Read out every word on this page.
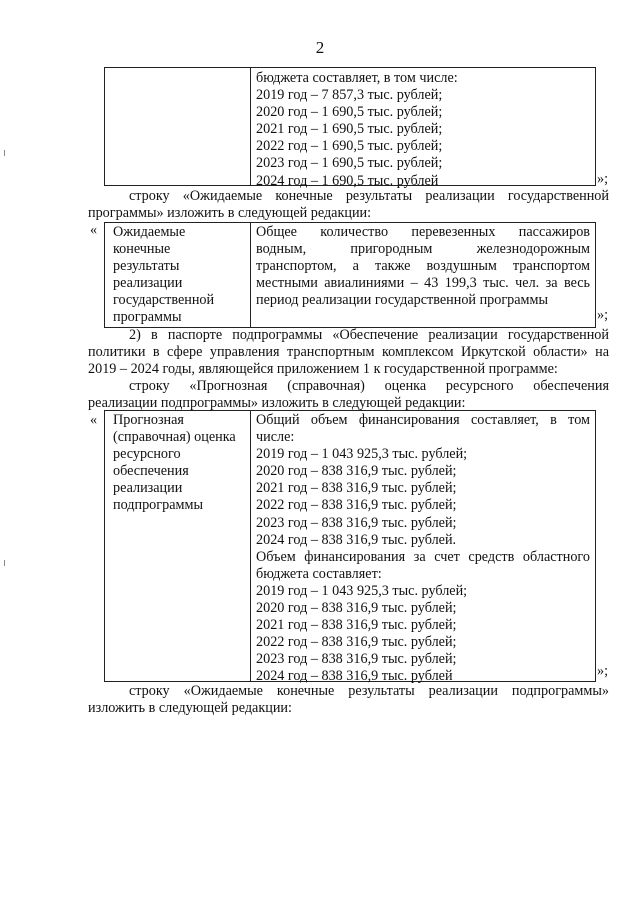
2
бюджета составляет, в том числе:
2019 год – 7 857,3 тыс. рублей;
2020 год – 1 690,5 тыс. рублей;
2021 год – 1 690,5 тыс. рублей;
2022 год – 1 690,5 тыс. рублей;
2023 год – 1 690,5 тыс. рублей;
2024 год – 1 690,5 тыс. рублей	»;
строку «Ожидаемые конечные результаты реализации государственной
программы» изложить в следующей редакции:
« Ожидаемые
конечные
результаты
реализации
государственной
программы
Общее количество перевезенных пассажиров
водным, пригородным железнодорожным
транспортом, а также воздушным транспортом
местными авиалиниями – 43 199,3 тыс. чел. за весь
период реализации государственной программы
»;
2) в паспорте подпрограммы «Обеспечение реализации государственной
политики в сфере управления транспортным комплексом Иркутской области» на
2019 – 2024 годы, являющейся приложением 1 к государственной программе:
строку «Прогнозная (справочная) оценка ресурсного обеспечения
реализации подпрограммы» изложить в следующей редакции:
« Прогнозная
(справочная) оценка
ресурсного
обеспечения
реализации
подпрограммы
Общий объем финансирования составляет, в том
числе:
2019 год – 1 043 925,3 тыс. рублей;
2020 год – 838 316,9 тыс. рублей;
2021 год – 838 316,9 тыс. рублей;
2022 год – 838 316,9 тыс. рублей;
2023 год – 838 316,9 тыс. рублей;
2024 год – 838 316,9 тыс. рублей.
Объем финансирования за счет средств областного
бюджета составляет:
2019 год – 1 043 925,3 тыс. рублей;
2020 год – 838 316,9 тыс. рублей;
2021 год – 838 316,9 тыс. рублей;
2022 год – 838 316,9 тыс. рублей;
2023 год – 838 316,9 тыс. рублей;
2024 год – 838 316,9 тыс. рублей	»;
строку «Ожидаемые конечные результаты реализации подпрограммы»
изложить в следующей редакции:
